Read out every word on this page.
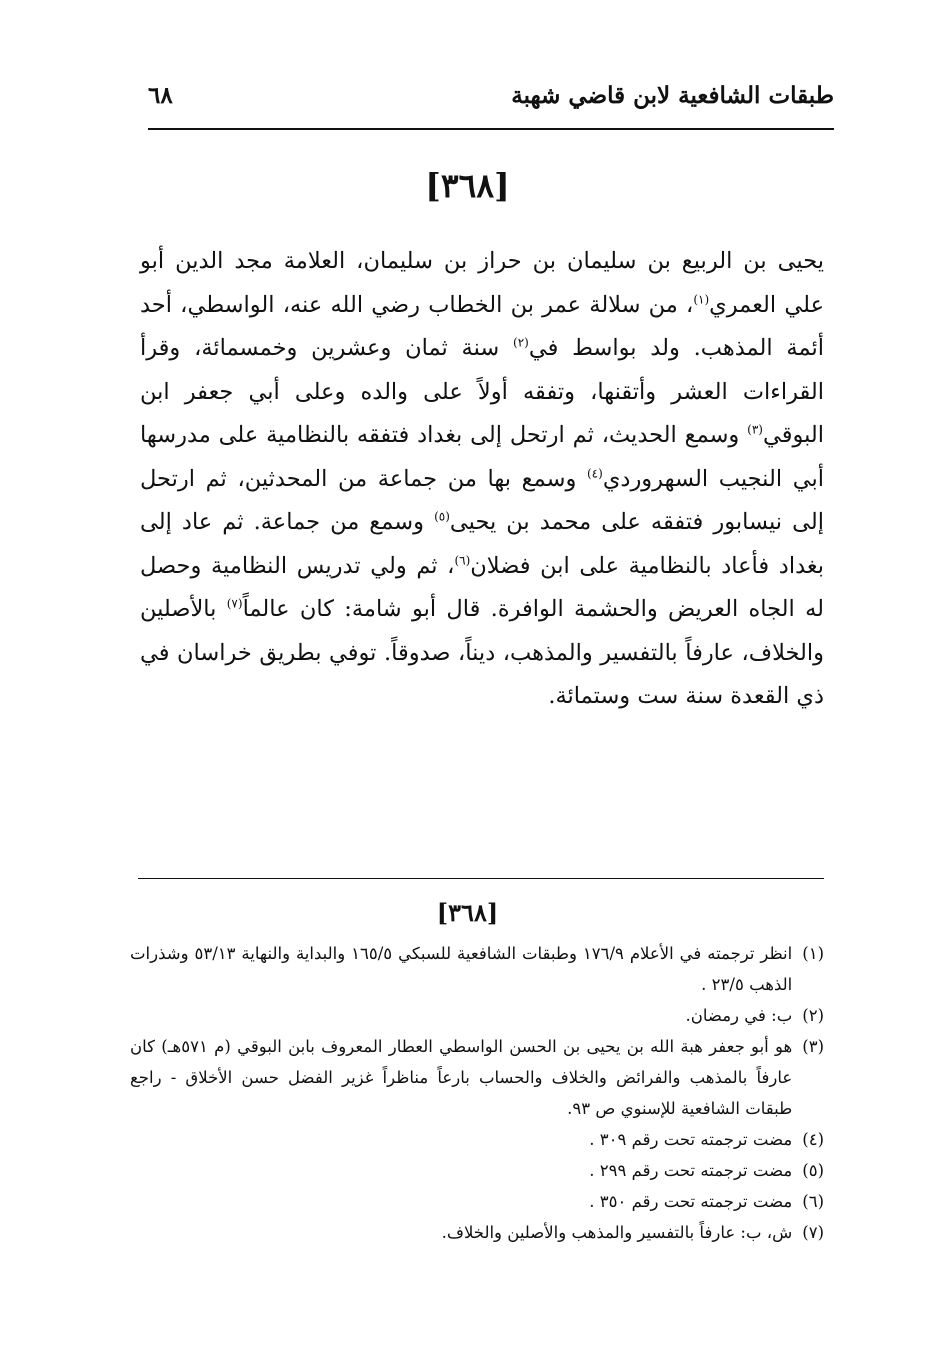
طبقات الشافعية لابن قاضي شهبة
٦٨
[٣٦٨]
يحيى بن الربيع بن سليمان بن حراز بن سليمان، العلامة مجد الدين أبو علي العمري$^{(١)}$، من سلالة عمر بن الخطاب رضي الله عنه، الواسطي، أحد أئمة المذهب. ولد بواسط في$^{(٢)}$ سنة ثمان وعشرين وخمسمائة، وقرأ القراءات العشر وأتقنها، وتفقه أولاً على والده وعلى أبي جعفر ابن البوقي$^{(٣)}$ وسمع الحديث، ثم ارتحل إلى بغداد فتفقه بالنظامية على مدرسها أبي النجيب السهروردي$^{(٤)}$ وسمع بها من جماعة من المحدثين، ثم ارتحل إلى نيسابور فتفقه على محمد بن يحيى$^{(٥)}$ وسمع من جماعة. ثم عاد إلى بغداد فأعاد بالنظامية على ابن فضلان$^{(٦)}$، ثم ولي تدريس النظامية وحصل له الجاه العريض والحشمة الوافرة. قال أبو شامة: كان عالماً$^{(٧)}$ بالأصلين والخلاف، عارفاً بالتفسير والمذهب، ديناً، صدوقاً. توفي بطريق خراسان في ذي القعدة سنة ست وستمائة.
[٣٦٨]
(١)
انظر ترجمته في الأعلام ١٧٦/٩ وطبقات الشافعية للسبكي ١٦٥/٥ والبداية والنهاية ٥٣/١٣ وشذرات الذهب ٢٣/٥ .
(٢)
ب: في رمضان.
(٣)
هو أبو جعفر هبة الله بن يحيى بن الحسن الواسطي العطار المعروف بابن البوقي (م ٥٧١هـ) كان عارفاً بالمذهب والفرائض والخلاف والحساب بارعاً مناظراً غزير الفضل حسن الأخلاق - راجع طبقات الشافعية للإسنوي ص ٩٣.
(٤)
مضت ترجمته تحت رقم ٣٠٩ .
(٥)
مضت ترجمته تحت رقم ٢٩٩ .
(٦)
مضت ترجمته تحت رقم ٣٥٠ .
(٧)
ش، ب: عارفاً بالتفسير والمذهب والأصلين والخلاف.
